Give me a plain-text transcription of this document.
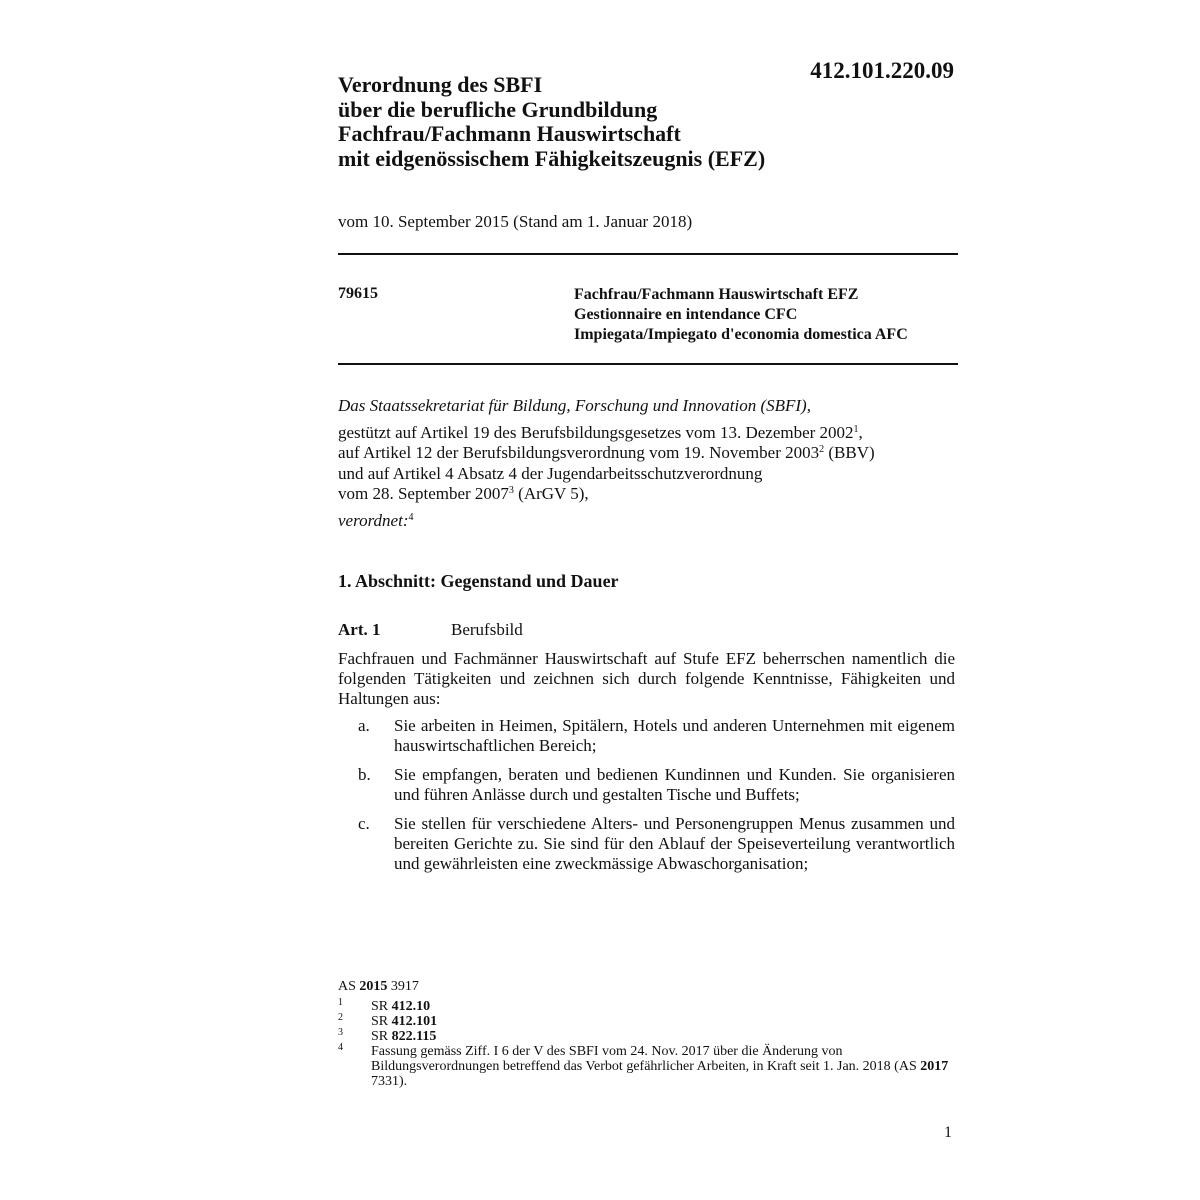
412.101.220.09
Verordnung des SBFI
über die berufliche Grundbildung
Fachfrau/Fachmann Hauswirtschaft
mit eidgenössischem Fähigkeitszeugnis (EFZ)
vom 10. September 2015 (Stand am 1. Januar 2018)
79615	Fachfrau/Fachmann Hauswirtschaft EFZ
Gestionnaire en intendance CFC
Impiegata/Impiegato d'economia domestica AFC
Das Staatssekretariat für Bildung, Forschung und Innovation (SBFI),
gestützt auf Artikel 19 des Berufsbildungsgesetzes vom 13. Dezember 2002$^1$,
auf Artikel 12 der Berufsbildungsverordnung vom 19. November 2003$^2$ (BBV)
und auf Artikel 4 Absatz 4 der Jugendarbeitsschutzverordnung
vom 28. September 2007$^3$ (ArGV 5),
verordnet:$^4$
1. Abschnitt: Gegenstand und Dauer
Art. 1	Berufsbild
Fachfrauen und Fachmänner Hauswirtschaft auf Stufe EFZ beherrschen namentlich die folgenden Tätigkeiten und zeichnen sich durch folgende Kenntnisse, Fähigkeiten und Haltungen aus:
a. Sie arbeiten in Heimen, Spitälern, Hotels und anderen Unternehmen mit eigenem hauswirtschaftlichen Bereich;
b. Sie empfangen, beraten und bedienen Kundinnen und Kunden. Sie organisieren und führen Anlässe durch und gestalten Tische und Buffets;
c. Sie stellen für verschiedene Alters- und Personengruppen Menus zusammen und bereiten Gerichte zu. Sie sind für den Ablauf der Speiseverteilung verantwortlich und gewährleisten eine zweckmässige Abwaschorganisation;
AS 2015 3917
1 SR 412.10
2 SR 412.101
3 SR 822.115
4 Fassung gemäss Ziff. I 6 der V des SBFI vom 24. Nov. 2017 über die Änderung von Bildungsverordnungen betreffend das Verbot gefährlicher Arbeiten, in Kraft seit 1. Jan. 2018 (AS 2017 7331).
1
